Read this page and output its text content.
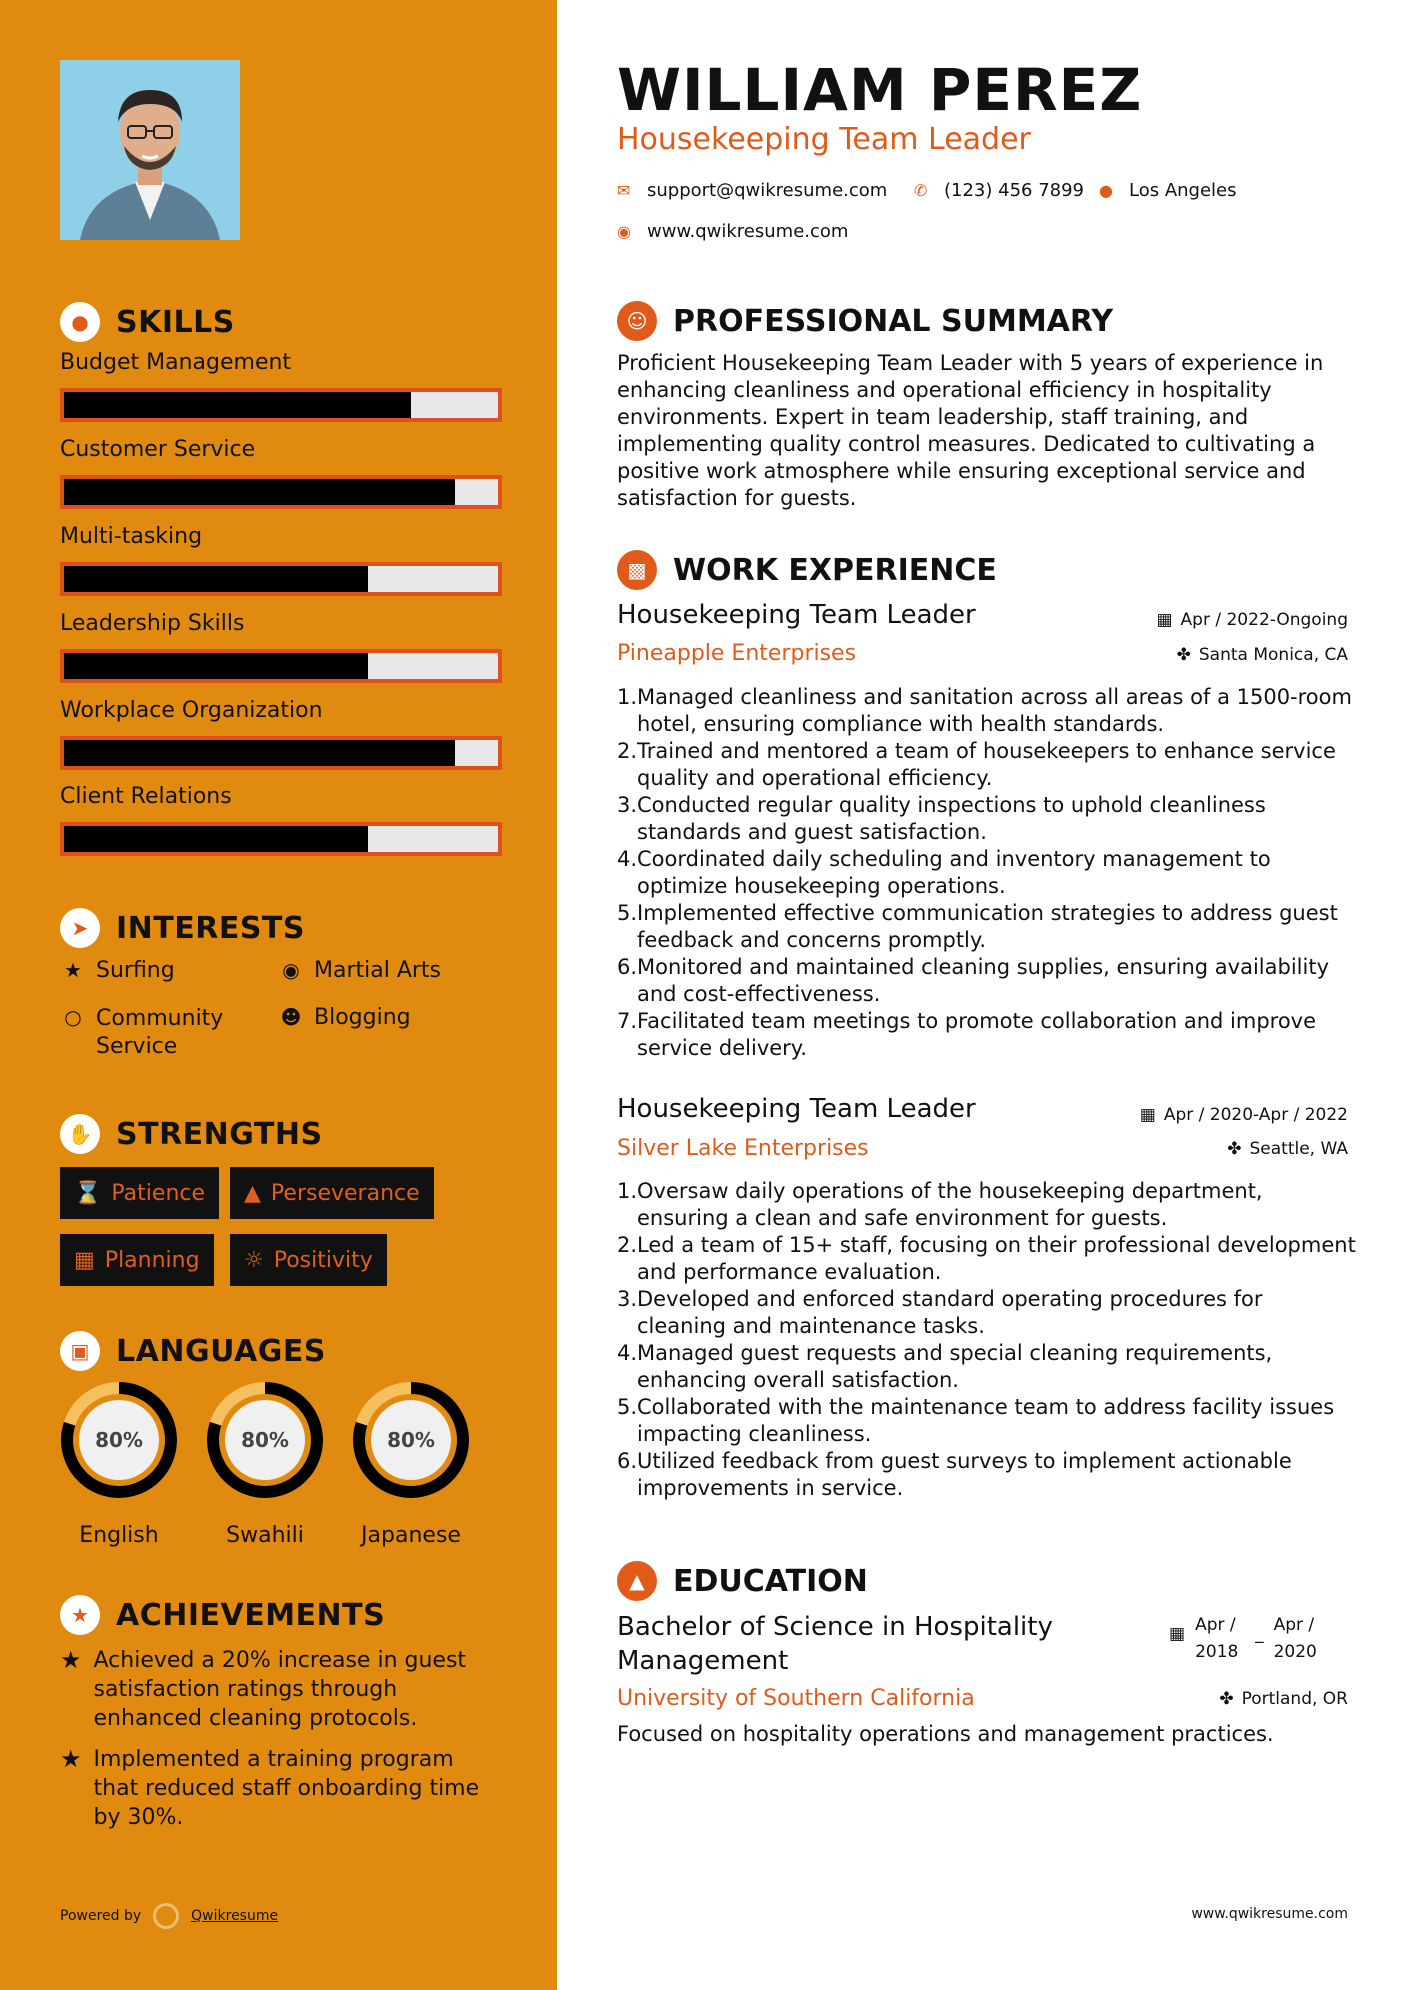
● SKILLS
Budget Management
Customer Service
Multi-tasking
Leadership Skills
Workplace Organization
Client Relations
➤ INTERESTS
★ Surfing	◉ Martial Arts
○ Community Service
☻ Blogging
✋ STRENGTHS
⌛ Patience ▲ Perseverance
▦ Planning ☼ Positivity
▣ LANGUAGES
80%
English
80%
Swahili
80%
Japanese
★ ACHIEVEMENTS
★ Achieved a 20% increase in guest satisfaction ratings through enhanced cleaning protocols.
★ Implemented a training program that reduced staff onboarding time by 30%.
Powered by	Qwikresume
WILLIAM PEREZ
Housekeeping Team Leader
✉ support@qwikresume.com ✆ (123) 456 7899 ● Los Angeles
◉ www.qwikresume.com
☺ PROFESSIONAL SUMMARY
Proficient Housekeeping Team Leader with 5 years of experience in enhancing cleanliness and operational efficiency in hospitality environments. Expert in team leadership, staff training, and implementing quality control measures. Dedicated to cultivating a positive work atmosphere while ensuring exceptional service and satisfaction for guests.
▩ WORK EXPERIENCE
Housekeeping Team Leader	▦ Apr / 2022-Ongoing
Pineapple Enterprises	✤ Santa Monica, CA
1. Managed cleanliness and sanitation across all areas of a 1500-room hotel, ensuring compliance with health standards.
2. Trained and mentored a team of housekeepers to enhance service quality and operational efficiency.
3. Conducted regular quality inspections to uphold cleanliness standards and guest satisfaction.
4. Coordinated daily scheduling and inventory management to optimize housekeeping operations.
5. Implemented effective communication strategies to address guest feedback and concerns promptly.
6. Monitored and maintained cleaning supplies, ensuring availability and cost-effectiveness.
7. Facilitated team meetings to promote collaboration and improve service delivery.
Housekeeping Team Leader	▦ Apr / 2020-Apr / 2022
Silver Lake Enterprises	✤ Seattle, WA
1. Oversaw daily operations of the housekeeping department, ensuring a clean and safe environment for guests.
2. Led a team of 15+ staff, focusing on their professional development and performance evaluation.
3. Developed and enforced standard operating procedures for cleaning and maintenance tasks.
4. Managed guest requests and special cleaning requirements, enhancing overall satisfaction.
5. Collaborated with the maintenance team to address facility issues impacting cleanliness.
6. Utilized feedback from guest surveys to implement actionable improvements in service.
▲ EDUCATION
Bachelor of Science in Hospitality Management
▦ Apr / 2018
_ Apr / 2020
University of Southern California	✤ Portland, OR
Focused on hospitality operations and management practices.
www.qwikresume.com
